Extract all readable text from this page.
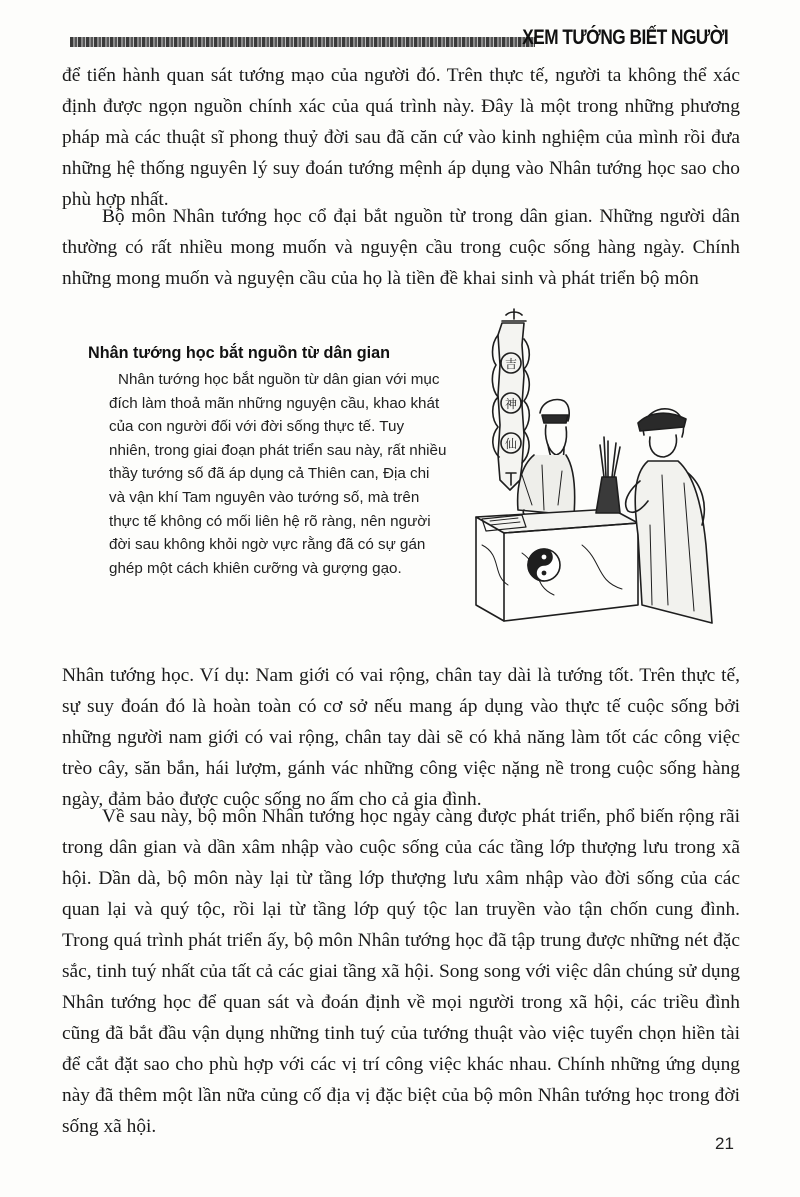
XEM TƯỚNG BIẾT NGƯỜI

để tiến hành quan sát tướng mạo của người đó. Trên thực tế, người ta không thể xác định được ngọn nguồn chính xác của quá trình này. Đây là một trong những phương pháp mà các thuật sĩ phong thuỷ đời sau đã căn cứ vào kinh nghiệm của mình rồi đưa những hệ thống nguyên lý suy đoán tướng mệnh áp dụng vào Nhân tướng học sao cho phù hợp nhất.

Bộ môn Nhân tướng học cổ đại bắt nguồn từ trong dân gian. Những người dân thường có rất nhiều mong muốn và nguyện cầu trong cuộc sống hàng ngày. Chính những mong muốn và nguyện cầu của họ là tiền đề khai sinh và phát triển bộ môn

Nhân tướng học bắt nguồn từ dân gian

Nhân tướng học bắt nguồn từ dân gian với mục đích làm thoả mãn những nguyện cầu, khao khát của con người đối với đời sống thực tế. Tuy nhiên, trong giai đoạn phát triển sau này, rất nhiều thầy tướng số đã áp dụng cả Thiên can, Địa chi và vận khí Tam nguyên vào tướng số, mà trên thực tế không có mối liên hệ rõ ràng, nên người đời sau không khỏi ngờ vực rằng đã có sự gán ghép một cách khiên cưỡng và gượng gạo.

吉
神
仙

Nhân tướng học. Ví dụ: Nam giới có vai rộng, chân tay dài là tướng tốt. Trên thực tế, sự suy đoán đó là hoàn toàn có cơ sở nếu mang áp dụng vào thực tế cuộc sống bởi những người nam giới có vai rộng, chân tay dài sẽ có khả năng làm tốt các công việc trèo cây, săn bắn, hái lượm, gánh vác những công việc nặng nề trong cuộc sống hàng ngày, đảm bảo được cuộc sống no ấm cho cả gia đình.

Về sau này, bộ môn Nhân tướng học ngày càng được phát triển, phổ biến rộng rãi trong dân gian và dần xâm nhập vào cuộc sống của các tầng lớp thượng lưu trong xã hội. Dần dà, bộ môn này lại từ tầng lớp thượng lưu xâm nhập vào đời sống của các quan lại và quý tộc, rồi lại từ tầng lớp quý tộc lan truyền vào tận chốn cung đình. Trong quá trình phát triển ấy, bộ môn Nhân tướng học đã tập trung được những nét đặc sắc, tinh tuý nhất của tất cả các giai tầng xã hội. Song song với việc dân chúng sử dụng Nhân tướng học để quan sát và đoán định về mọi người trong xã hội, các triều đình cũng đã bắt đầu vận dụng những tinh tuý của tướng thuật vào việc tuyển chọn hiền tài để cắt đặt sao cho phù hợp với các vị trí công việc khác nhau. Chính những ứng dụng này đã thêm một lần nữa củng cố địa vị đặc biệt của bộ môn Nhân tướng học trong đời sống xã hội.

21
